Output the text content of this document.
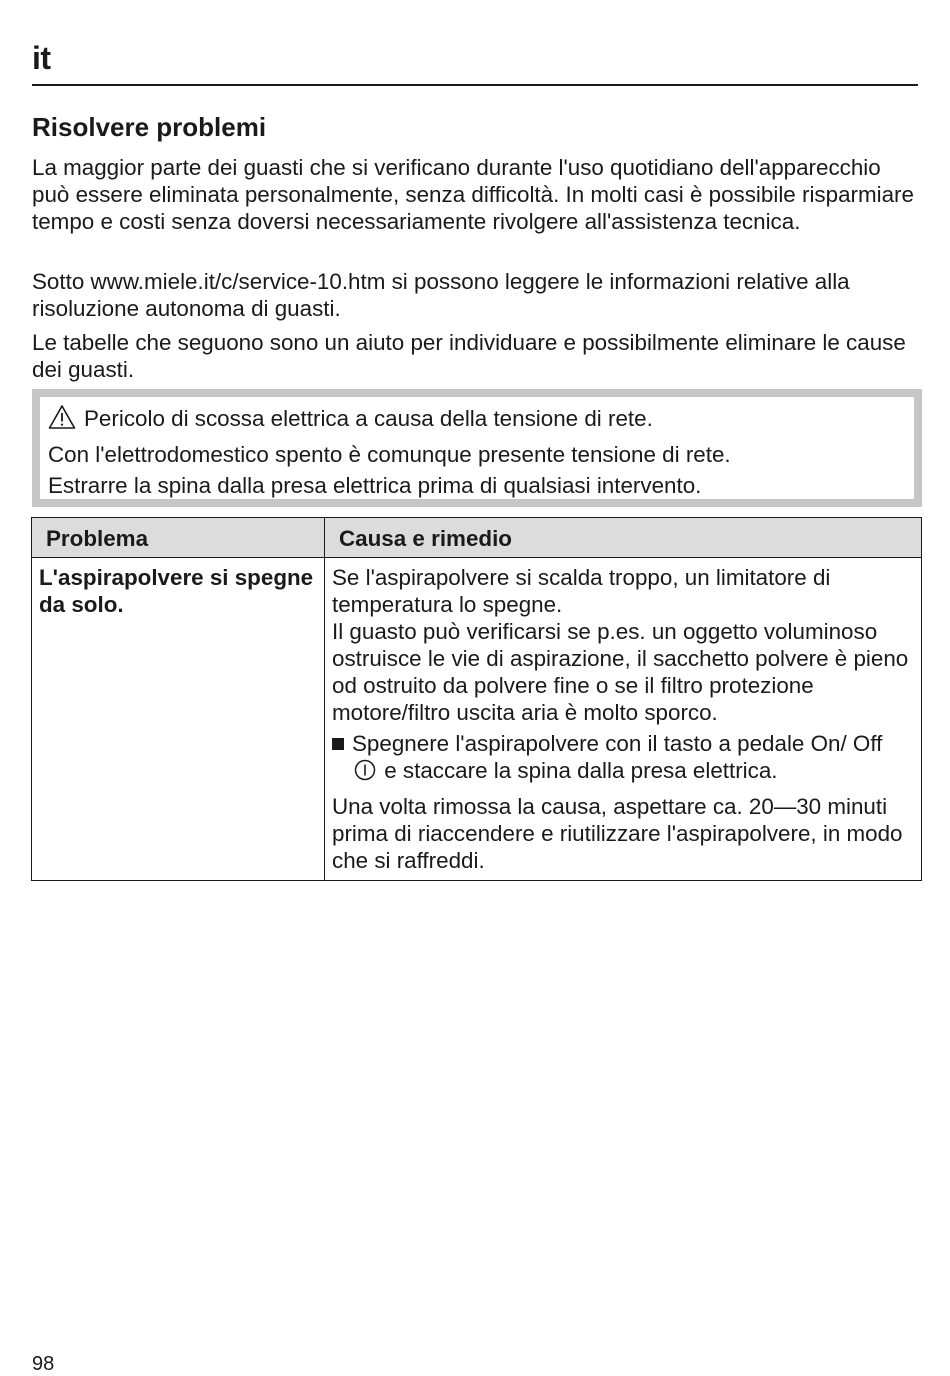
it
Risolvere problemi

La maggior parte dei guasti che si verificano durante l'uso quotidiano dell'apparecchio può essere eliminata personalmente, senza difficoltà. In molti casi è possibile risparmiare tempo e costi senza doversi necessariamente rivolgere all'assistenza tecnica.

Sotto www.miele.it/c/service-10.htm si possono leggere le informazioni relative alla risoluzione autonoma di guasti.

Le tabelle che seguono sono un aiuto per individuare e possibilmente eliminare le cause dei guasti.

Pericolo di scossa elettrica a causa della tensione di rete.

Con l'elettrodomestico spento è comunque presente tensione di rete.

Estrarre la spina dalla presa elettrica prima di qualsiasi intervento.

Problema	Causa e rimedio
L'aspirapolvere si spegne da solo.	Se l'aspirapolvere si scalda troppo, un limitatore di temperatura lo spegne.

Il guasto può verificarsi se p.es. un oggetto voluminoso ostruisce le vie di aspirazione, il sacchetto polvere è pieno od ostruito da polvere fine o se il filtro protezione motore/filtro uscita aria è molto sporco.

Spegnere l'aspirapolvere con il tasto a pedale On/ Off  e staccare la spina dalla presa elettrica.

Una volta rimossa la causa, aspettare ca. 20—30 minuti prima di riaccendere e riutilizzare l'aspirapolvere, in modo che si raffreddi.

98
